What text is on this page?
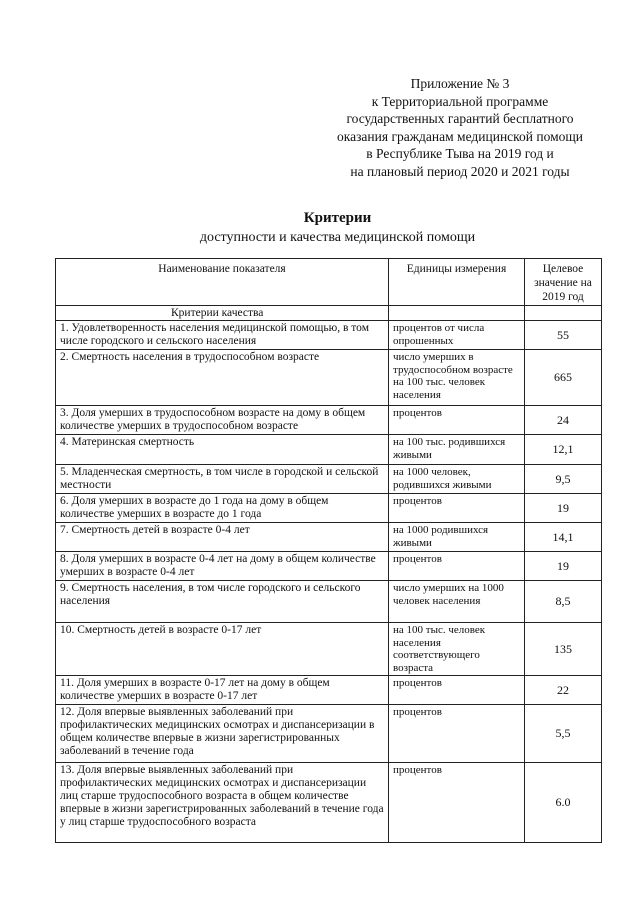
Приложение № 3
к Территориальной программе
государственных гарантий бесплатного
оказания гражданам медицинской помощи
в Республике Тыва на 2019 год и
на плановый период 2020 и 2021 годы
Критерии
доступности и качества медицинской помощи
Наименование показателя	Единицы измерения	Целевое значение на 2019 год
Критерии качества		
1. Удовлетворенность населения медицинской помощью, в том числе городского и сельского населения	процентов от числа опрошенных	55
2. Смертность населения в трудоспособном возрасте	число умерших в трудоспособном возрасте на 100 тыс. человек населения	665
3. Доля умерших в трудоспособном возрасте на дому в общем количестве умерших в трудоспособном возрасте	процентов	24
4. Материнская смертность	на 100 тыс. родившихся живыми	12,1
5. Младенческая смертность, в том числе в городской и сельской местности	на 1000 человек, родившихся живыми	9,5
6. Доля умерших в возрасте до 1 года на дому в общем количестве умерших в возрасте до 1 года	процентов	19
7. Смертность детей в возрасте 0-4 лет	на 1000 родившихся живыми	14,1
8. Доля умерших в возрасте 0-4 лет на дому в общем количестве умерших в возрасте 0-4 лет	процентов	19
9. Смертность населения, в том числе городского и сельского населения	число умерших на 1000 человек населения	8,5
10. Смертность детей в возрасте 0-17 лет	на 100 тыс. человек населения соответствующего возраста	135
11. Доля умерших в возрасте 0-17 лет на дому в общем количестве умерших в возрасте 0-17 лет	процентов	22
12. Доля впервые выявленных заболеваний при профилактических медицинских осмотрах и диспансеризации в общем количестве впервые в жизни зарегистрированных заболеваний в течение года	процентов	5,5
13. Доля впервые выявленных заболеваний при профилактических медицинских осмотрах и диспансеризации лиц старше трудоспособного возраста в общем количестве впервые в жизни зарегистрированных заболеваний в течение года у лиц старше трудоспособного возраста	процентов	6.0
